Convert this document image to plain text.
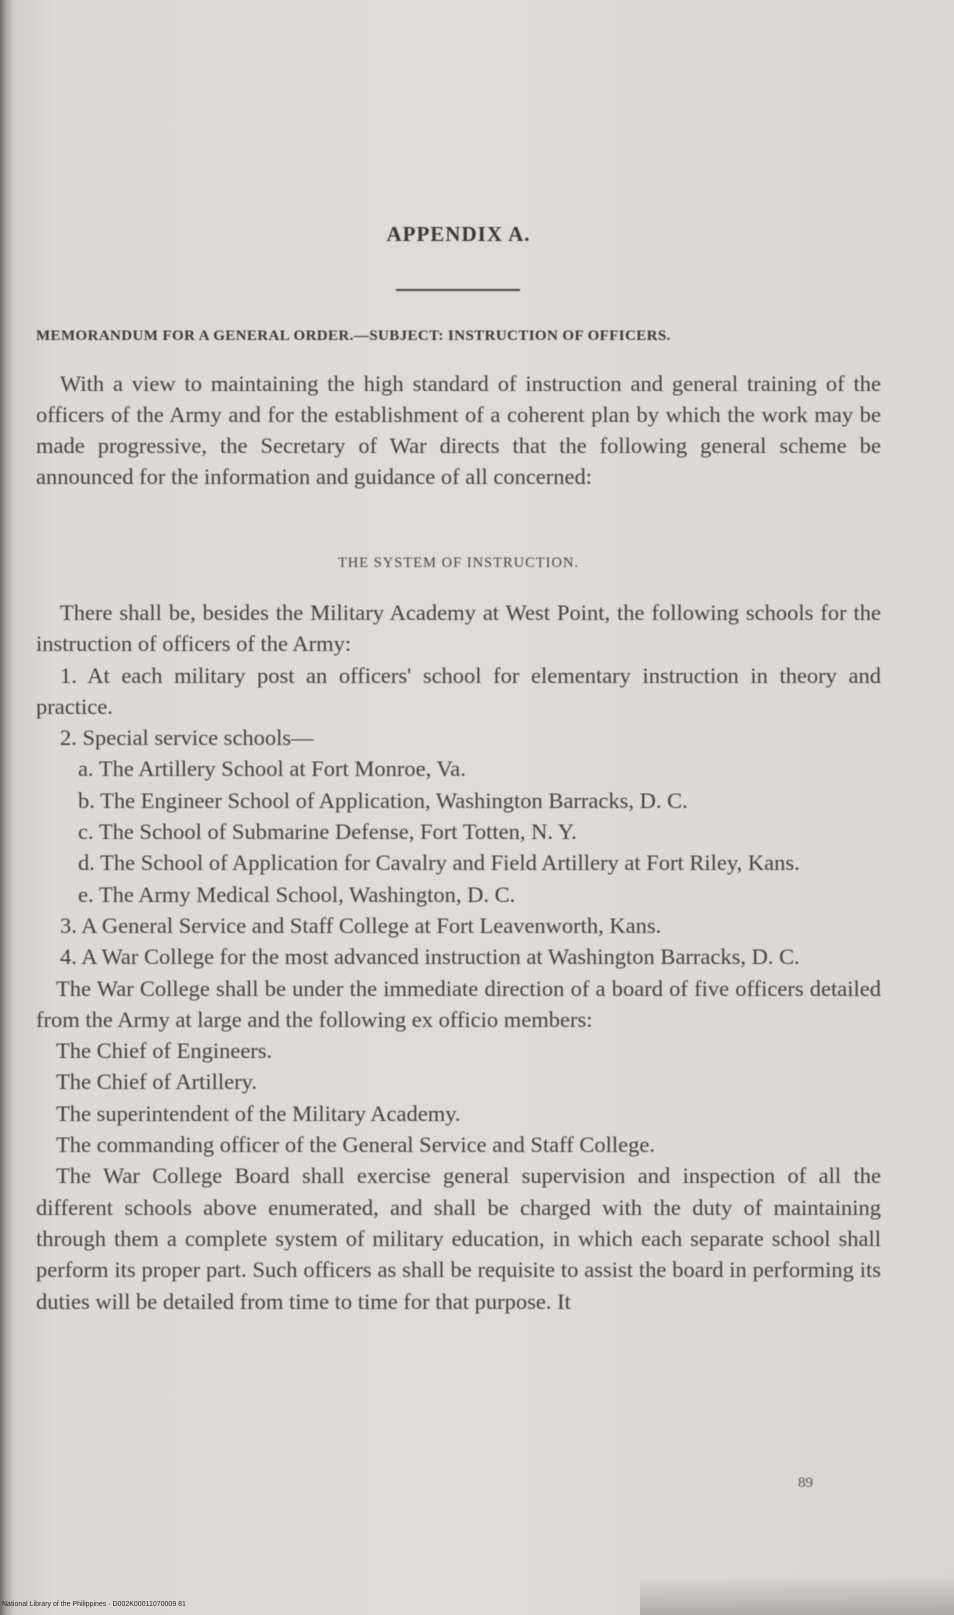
APPENDIX A.
MEMORANDUM FOR A GENERAL ORDER.—SUBJECT: INSTRUCTION OF OFFICERS.

With a view to maintaining the high standard of instruction and general training of the officers of the Army and for the establishment of a coherent plan by which the work may be made progressive, the Secretary of War directs that the following general scheme be announced for the information and guidance of all concerned:

THE SYSTEM OF INSTRUCTION.

There shall be, besides the Military Academy at West Point, the following schools for the instruction of officers of the Army:

1. At each military post an officers' school for elementary instruction in theory and practice.

2. Special service schools—

a. The Artillery School at Fort Monroe, Va.

b. The Engineer School of Application, Washington Barracks, D. C.

c. The School of Submarine Defense, Fort Totten, N. Y.

d. The School of Application for Cavalry and Field Artillery at Fort Riley, Kans.

e. The Army Medical School, Washington, D. C.

3. A General Service and Staff College at Fort Leavenworth, Kans.

4. A War College for the most advanced instruction at Washington Barracks, D. C.

The War College shall be under the immediate direction of a board of five officers detailed from the Army at large and the following ex officio members:

The Chief of Engineers.

The Chief of Artillery.

The superintendent of the Military Academy.

The commanding officer of the General Service and Staff College.

The War College Board shall exercise general supervision and inspection of all the different schools above enumerated, and shall be charged with the duty of maintaining through them a complete system of military education, in which each separate school shall perform its proper part. Such officers as shall be requisite to assist the board in performing its duties will be detailed from time to time for that purpose. It

89
National Library of the Philippines · D002K00011070009 81
